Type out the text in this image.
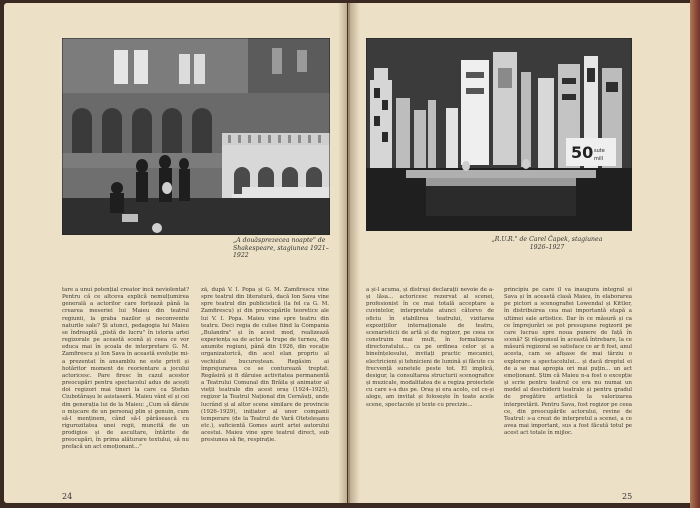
„A douăsprezecea noapte" de Shakespeare, stagiunea 1921–1922
50 sute
mill
„R.U.R." de Carel Čapek, stagiunea 1926–1927
tare a unui potențial creator încă neviolentat? Pentru că ce altceva explică nemulțumirea generală a actorilor care forțează până la crearea meseriei lui Maieu din teatrul regiunii, la graba nazilor și neconvenite naturile sale? Și atunci, pedagogia lui Maieu se îndreaptă „pistă de lucru" în istoria artei regizorale pe această scenă și ceea ce vor educa mai în școala de interpretare G. M. Zamfirescu și Ion Sava în această evoluție mi-a prezentat în ansamblu ne este privit și hotăritor moment de reorientare a jocului actoricesc. Pare firesc în cazul acestor preocupări pentru spectacolul adus de acești doi regizori mai tineri la care ca Ștefan Ciubotărașu le asistaseră. Maieu vânt el și cei din generația lui de la Maieu: „Cum să dăruie o mișcare de un personaj plin și genuin, cum să-l menținem, când să-l părăsească cu rigurozitatea unei regii, muncită de un prodigios și de ascultare, întărite de preocupări, în prima alăturare textului, să nu prefacă un act emoționant..."
ză, după V. I. Popa și G. M. Zamfirescu vine spre teatrul din literatură, dacă Ion Sava vine spre teatrul din publicistică (la fel ca G. M. Zamfirescu) și din preocupările teoretice ale lui V. I. Popa. Maieu vine spre teatru din teatru. Deci regia de culise fiind la Compania „Bulandra" și în acest mod, realizează experiența sa de actor la trupe de turneu, din anumite regiuni, până din 1926, din vocație organizatorică, din acel elan propriu al vechiului bucureștean. Regăsim ai împrejurarea ce se conturează treptat. Regăsiră și fi dăruise activitatea permanentă a Teatrului Comunal din Brăila și animator al vieții teatrale din acest oraș (1924–1925), regizor la Teatrul Național din Cernăuți, unde lucrând și al altor scene similare de provincie (1926–1929), inițiator al unor companii temporare (de la Teatrul de Vară Oteteleșanu etc.), suficientă Gomes aurit artei autorului acestui. Maieu vine spre teatrul direct, sub presiunea să fie, respirație.
a și-l acuma, și distruși declarații nevoie de a-și lăsa... actoricesc rezervat al scenei, profesionist în ce mai totală acceptare a cuvintelor, interpretate atunci câtorvo de oficiu în stabilirea teatrului, vizitarea expozițiilor internaționale de teatru, scenaristicii de artă și de regizor, pe ceea ce construim mai mult, în formalizarea directoratului... ca pe ordinea celor și a bineînțelesului, invitați practic mecanici, electricieni și tehnicieni de lumină și făcute cu frecvență sunetele peste tot. El implică, desigur, la consultarea structurii scenografice și muzicale, modalitatea de a regiza proiectele cu care s-a dus pe. Oraș și era acolo, cel ce-și alege, am invitat și folosește în toate acele scene, spectacole și texte cu precizie...
principiu pe care îl va inaugura integral și Sava și în această clasă Maieu, în elaborarea pe pictori a scenografiei Lowendal și Kittler, în distribuirea cea mai importantă etapă a ultimei sale artistice. Dar în ce măsură și ca ce împrejurări se pot presupune regizorii pe care lucrau spre noua punere de față în scenă? Și răspunsul în această întrebare, la ce măsură regizoral se satisface ce ar fi fost, anul acesta, cam se afișase de mai târziu o explorare a spectacolului... și dacă dreptul ei de a se mai apropia ori mai puțin... un act emoționant. Știm că Maieu n-a fost o excepție și scrie pentru teatrul ce era nu numai un model al deschiderii teatrale și pentru gradul de pregătire artistică la valorizarea interpretării. Pentru Sava, fost regizor pe ceea ce, din preocupările actorului, revine de Teatrul: s-a creat de interpretul a scenei, a ce avea mai important, sus a fost făcută totul pe acest act totale în mijloc.
24	25
